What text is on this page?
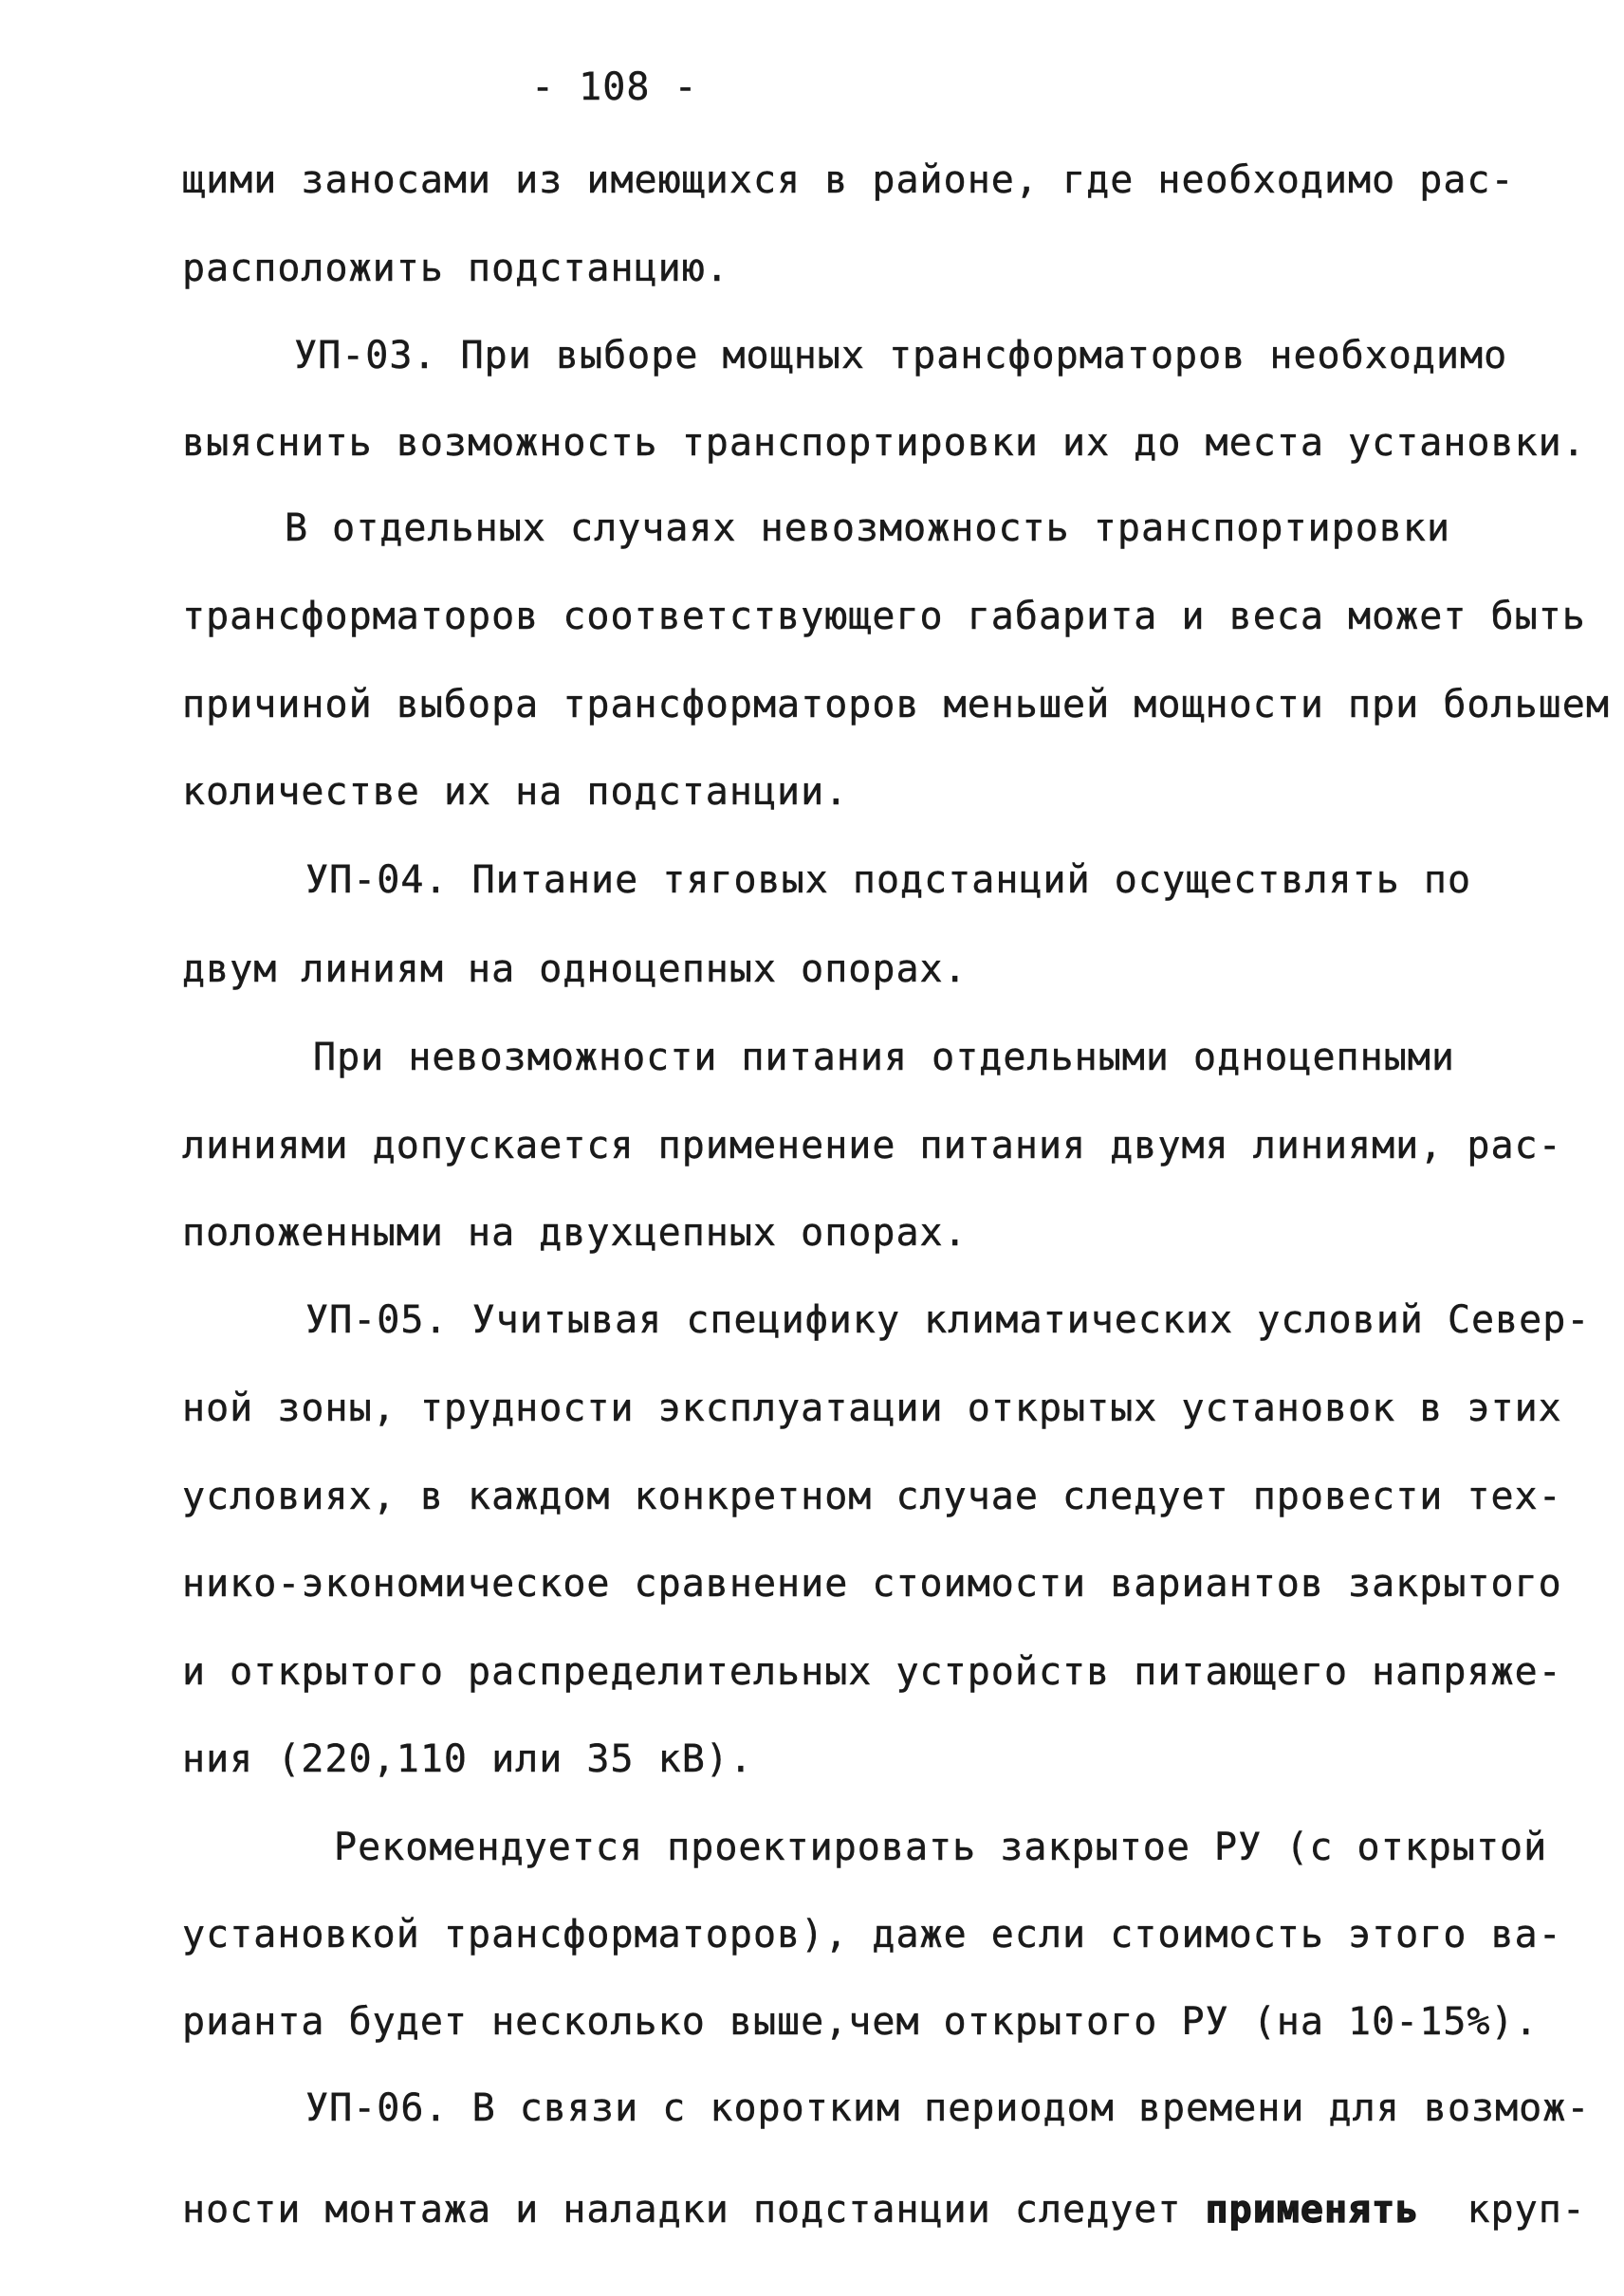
- 108 -
щими заносами из имеющихся в районе, где необходимо рас-
расположить подстанцию.
УП-03. При выборе мощных трансформаторов необходимо
выяснить возможность транспортировки их до места установки.
В отдельных случаях невозможность транспортировки
трансформаторов соответствующего габарита и веса может быть
причиной выбора трансформаторов меньшей мощности при большем
количестве их на подстанции.
УП-04. Питание тяговых подстанций осуществлять по
двум линиям на одноцепных опорах.
При невозможности питания отдельными одноцепными
линиями допускается применение питания двумя линиями, рас-
положенными на двухцепных опорах.
УП-05. Учитывая специфику климатических условий Север-
ной зоны, трудности эксплуатации открытых установок в этих
условиях, в каждом конкретном случае следует провести тех-
нико-экономическое сравнение стоимости вариантов закрытого
и открытого распределительных устройств питающего напряже-
ния (220,110 или 35 кВ).
Рекомендуется проектировать закрытое РУ (с открытой
установкой трансформаторов), даже если стоимость этого ва-
рианта будет несколько выше,чем открытого РУ (на 10-15%).
УП-06. В связи с коротким периодом времени для возмож-
ности монтажа и наладки подстанции следует применять  круп-
